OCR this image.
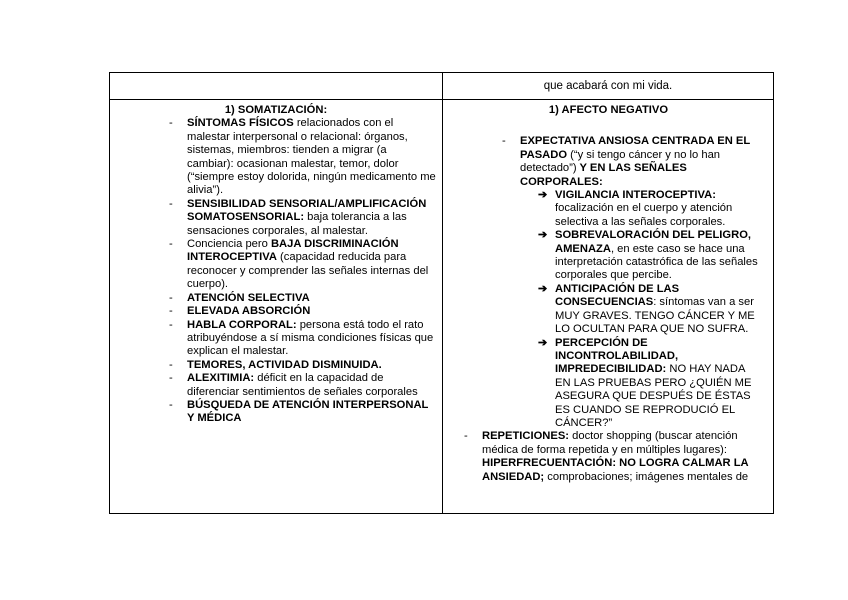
que acabará con mi vida.

1) SOMATIZACIÓN:

- SÍNTOMAS FÍSICOS relacionados con el malestar interpersonal o relacional: órganos, sistemas, miembros: tienden a migrar (a cambiar): ocasionan malestar, temor, dolor (“siempre estoy dolorida, ningún medicamento me alivia”).
- SENSIBILIDAD SENSORIAL/AMPLIFICACIÓN SOMATOSENSORIAL: baja tolerancia a las sensaciones corporales, al malestar.
- Conciencia pero BAJA DISCRIMINACIÓN INTEROCEPTIVA (capacidad reducida para reconocer y comprender las señales internas del cuerpo).
- ATENCIÓN SELECTIVA
- ELEVADA ABSORCIÓN
- HABLA CORPORAL: persona está todo el rato atribuyéndose a sí misma condiciones físicas que explican el malestar.
- TEMORES, ACTIVIDAD DISMINUIDA.
- ALEXITIMIA: déficit en la capacidad de diferenciar sentimientos de señales corporales
- BÚSQUEDA DE ATENCIÓN INTERPERSONAL Y MÉDICA

1) AFECTO NEGATIVO

- EXPECTATIVA ANSIOSA CENTRADA EN EL PASADO (“y si tengo cáncer y no lo han detectado”) Y EN LAS SEÑALES CORPORALES:
➔ VIGILANCIA INTEROCEPTIVA: focalización en el cuerpo y atención selectiva a las señales corporales.
➔ SOBREVALORACIÓN DEL PELIGRO, AMENAZA, en este caso se hace una interpretación catastrófica de las señales corporales que percibe.
➔ ANTICIPACIÓN DE LAS CONSECUENCIAS: síntomas van a ser MUY GRAVES. TENGO CÁNCER Y ME LO OCULTAN PARA QUE NO SUFRA.
➔ PERCEPCIÓN DE INCONTROLABILIDAD, IMPREDECIBILIDAD: NO HAY NADA EN LAS PRUEBAS PERO ¿QUIÉN ME ASEGURA QUE DESPUÉS DE ÉSTAS ES CUANDO SE REPRODUCIÓ EL CÁNCER?”
- REPETICIONES: doctor shopping (buscar atención médica de forma repetida y en múltiples lugares): HIPERFRECUENTACIÓN: NO LOGRA CALMAR LA ANSIEDAD; comprobaciones; imágenes mentales de
